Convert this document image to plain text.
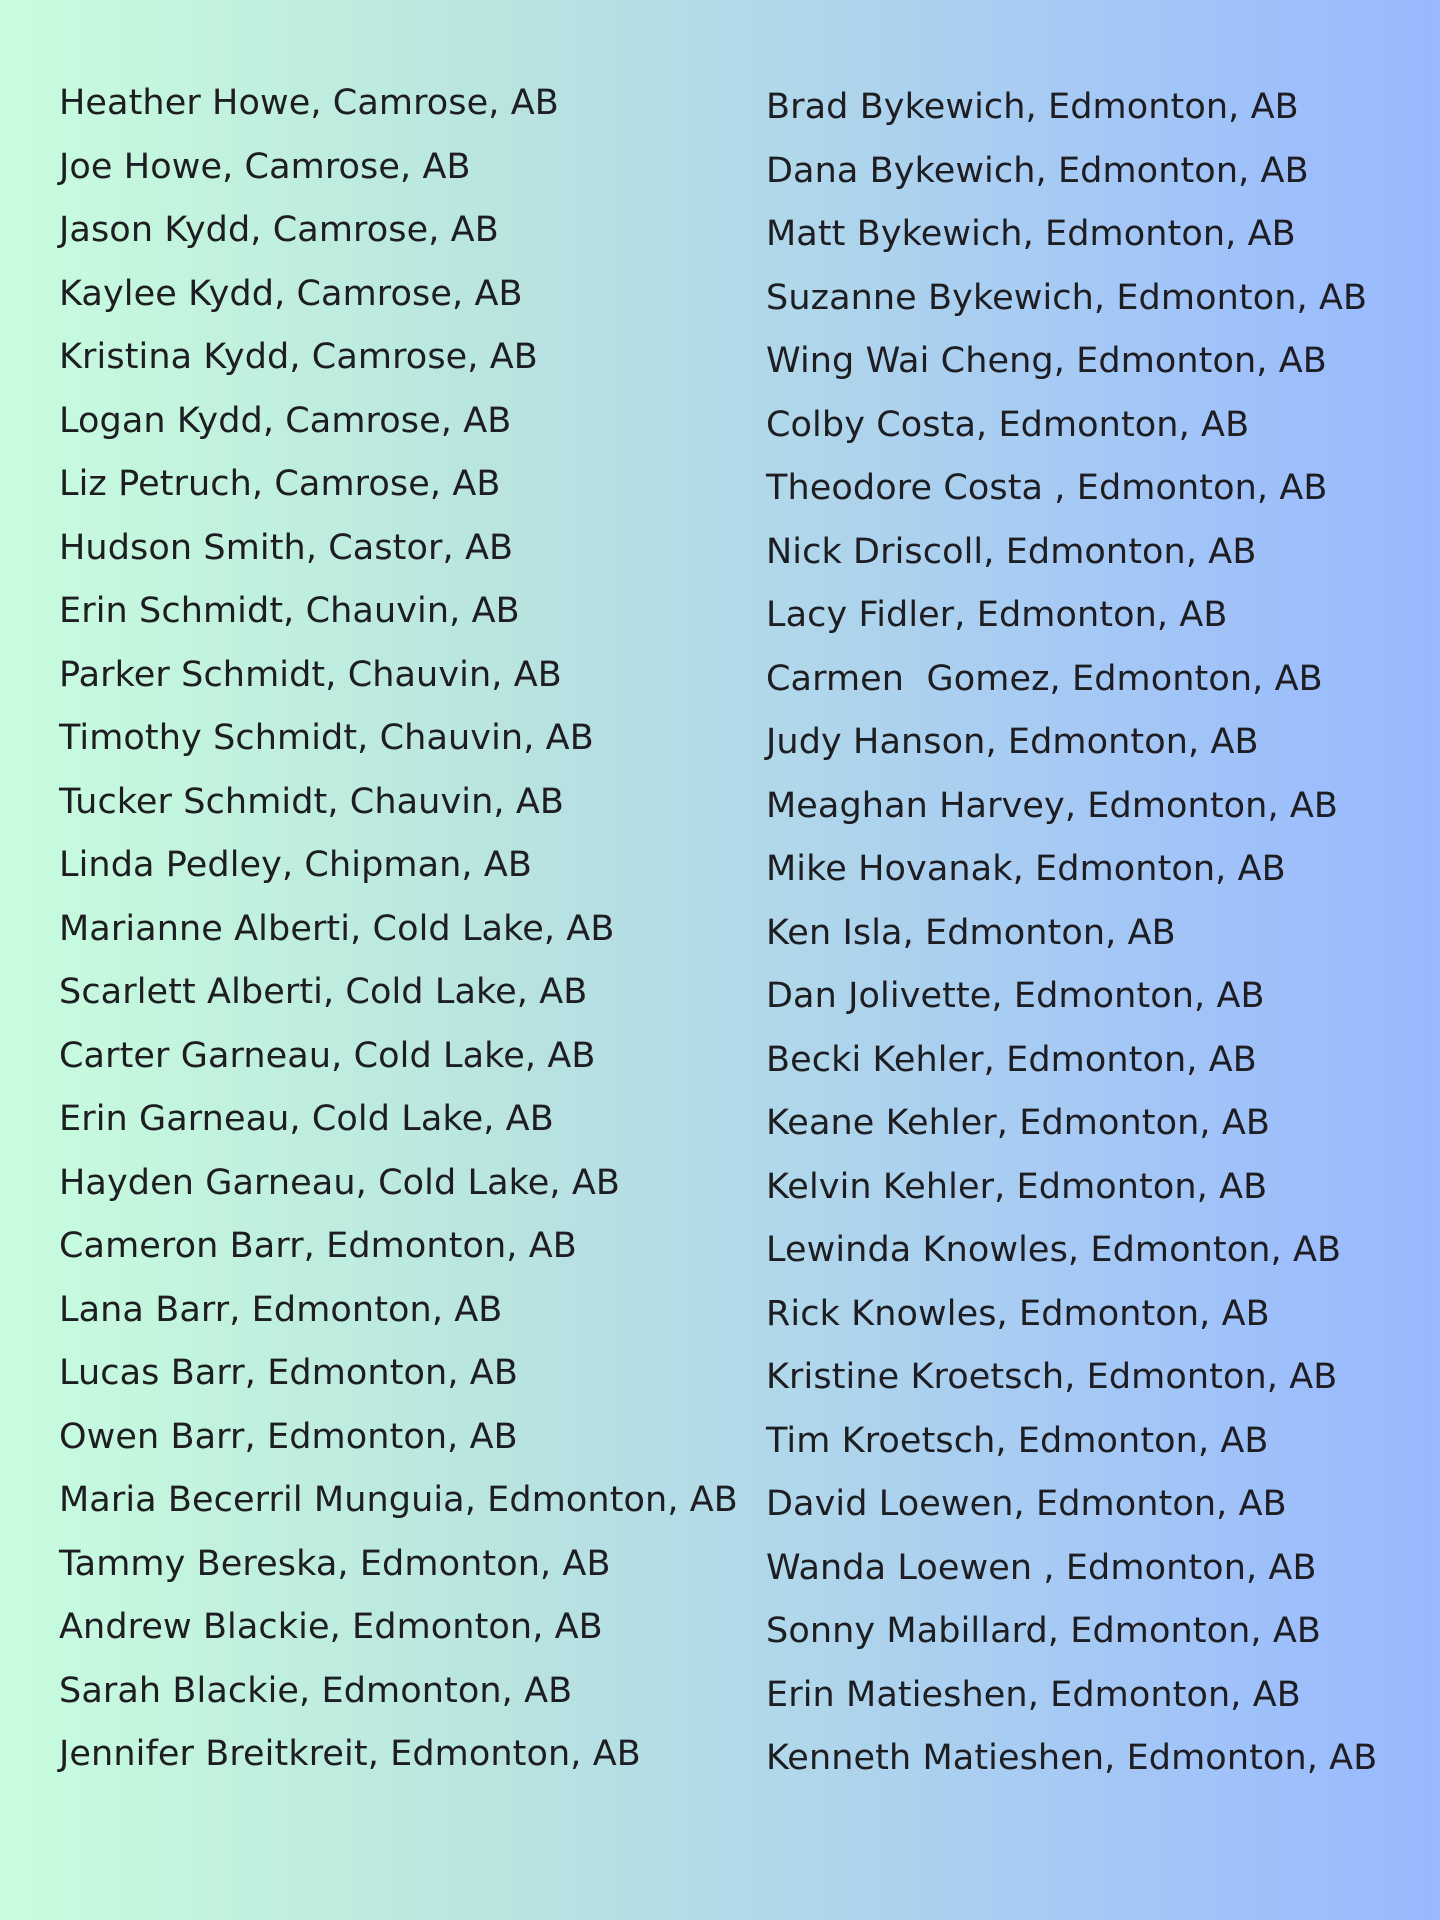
Heather Howe, Camrose, AB
Joe Howe, Camrose, AB
Jason Kydd, Camrose, AB
Kaylee Kydd, Camrose, AB
Kristina Kydd, Camrose, AB
Logan Kydd, Camrose, AB
Liz Petruch, Camrose, AB
Hudson Smith, Castor, AB
Erin Schmidt, Chauvin, AB
Parker Schmidt, Chauvin, AB
Timothy Schmidt, Chauvin, AB
Tucker Schmidt, Chauvin, AB
Linda Pedley, Chipman, AB
Marianne Alberti, Cold Lake, AB
Scarlett Alberti, Cold Lake, AB
Carter Garneau, Cold Lake, AB
Erin Garneau, Cold Lake, AB
Hayden Garneau, Cold Lake, AB
Cameron Barr, Edmonton, AB
Lana Barr, Edmonton, AB
Lucas Barr, Edmonton, AB
Owen Barr, Edmonton, AB
Maria Becerril Munguia, Edmonton, AB
Tammy Bereska, Edmonton, AB
Andrew Blackie, Edmonton, AB
Sarah Blackie, Edmonton, AB
Jennifer Breitkreit, Edmonton, AB
Brad Bykewich, Edmonton, AB
Dana Bykewich, Edmonton, AB
Matt Bykewich, Edmonton, AB
Suzanne Bykewich, Edmonton, AB
Wing Wai Cheng, Edmonton, AB
Colby Costa, Edmonton, AB
Theodore Costa , Edmonton, AB
Nick Driscoll, Edmonton, AB
Lacy Fidler, Edmonton, AB
Carmen  Gomez, Edmonton, AB
Judy Hanson, Edmonton, AB
Meaghan Harvey, Edmonton, AB
Mike Hovanak, Edmonton, AB
Ken Isla, Edmonton, AB
Dan Jolivette, Edmonton, AB
Becki Kehler, Edmonton, AB
Keane Kehler, Edmonton, AB
Kelvin Kehler, Edmonton, AB
Lewinda Knowles, Edmonton, AB
Rick Knowles, Edmonton, AB
Kristine Kroetsch, Edmonton, AB
Tim Kroetsch, Edmonton, AB
David Loewen, Edmonton, AB
Wanda Loewen , Edmonton, AB
Sonny Mabillard, Edmonton, AB
Erin Matieshen, Edmonton, AB
Kenneth Matieshen, Edmonton, AB
